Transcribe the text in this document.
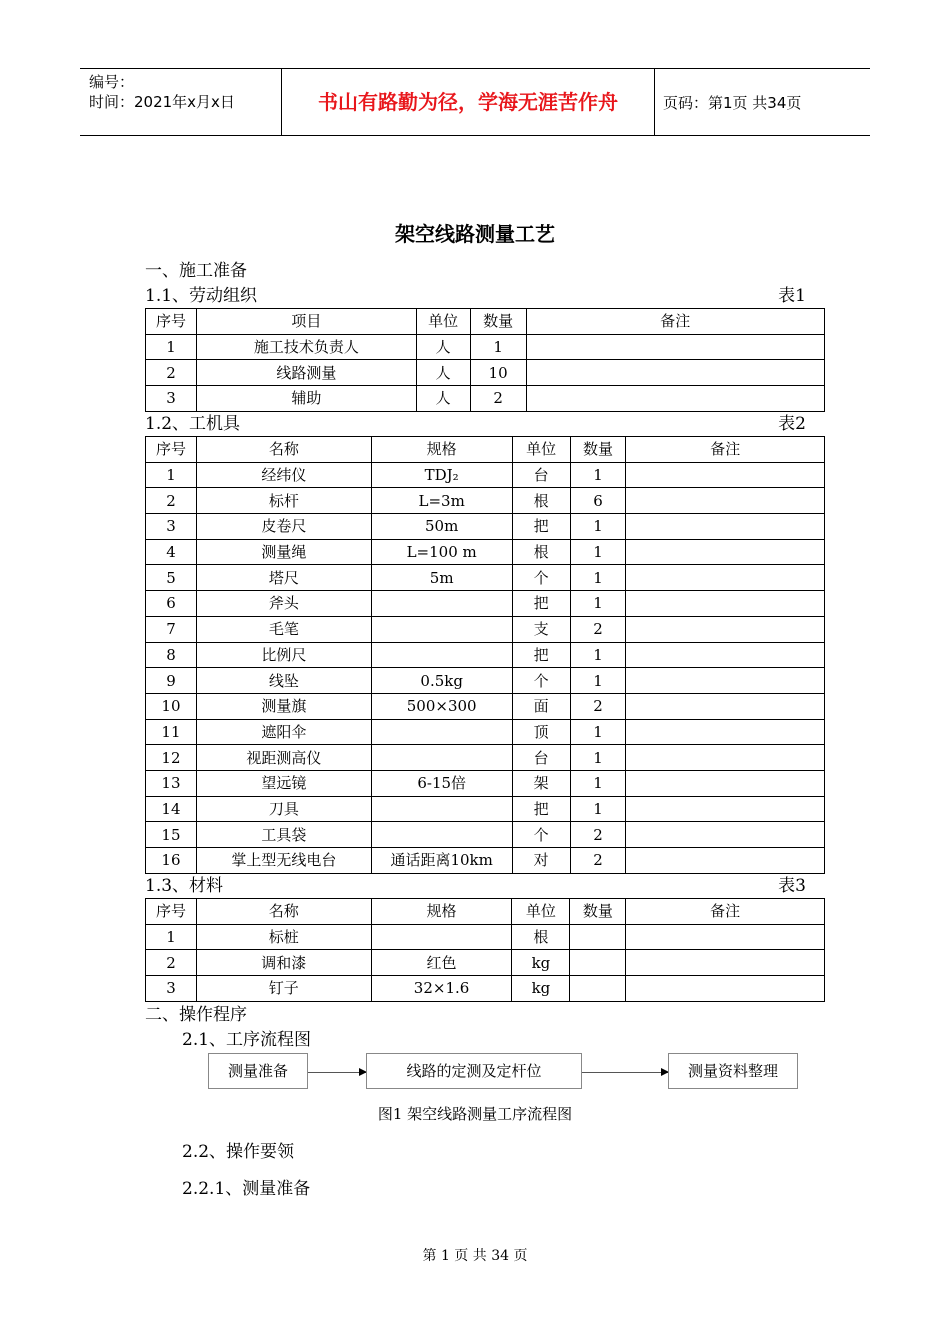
编号：
时间：2021年x月x日	书山有路勤为径，学海无涯苦作舟	页码：第1页 共34页
架空线路测量工艺
一、施工准备
1.1、劳动组织	表1
序号	项目	单位	数量	备注
1	施工技术负责人	人	1	
2	线路测量	人	10	
3	辅助	人	2	
1.2、工机具	表2
序号	名称	规格	单位	数量	备注
1	经纬仪	TDJ₂	台	1	
2	标杆	L=3m	根	6	
3	皮卷尺	50m	把	1	
4	测量绳	L=100 m	根	1	
5	塔尺	5m	个	1	
6	斧头		把	1	
7	毛笔		支	2	
8	比例尺		把	1	
9	线坠	0.5kg	个	1	
10	测量旗	500×300	面	2	
11	遮阳伞		顶	1	
12	视距测高仪		台	1	
13	望远镜	6-15倍	架	1	
14	刀具		把	1	
15	工具袋		个	2	
16	掌上型无线电台	通话距离10km	对	2	
1.3、材料	表3
序号	名称	规格	单位	数量	备注
1	标桩		根		
2	调和漆	红色	kg		
3	钉子	32×1.6	kg		
二、操作程序
2.1、工序流程图
测量准备	线路的定测及定杆位	测量资料整理
图1 架空线路测量工序流程图
2.2、操作要领
2.2.1、测量准备
第 1 页 共 34 页
